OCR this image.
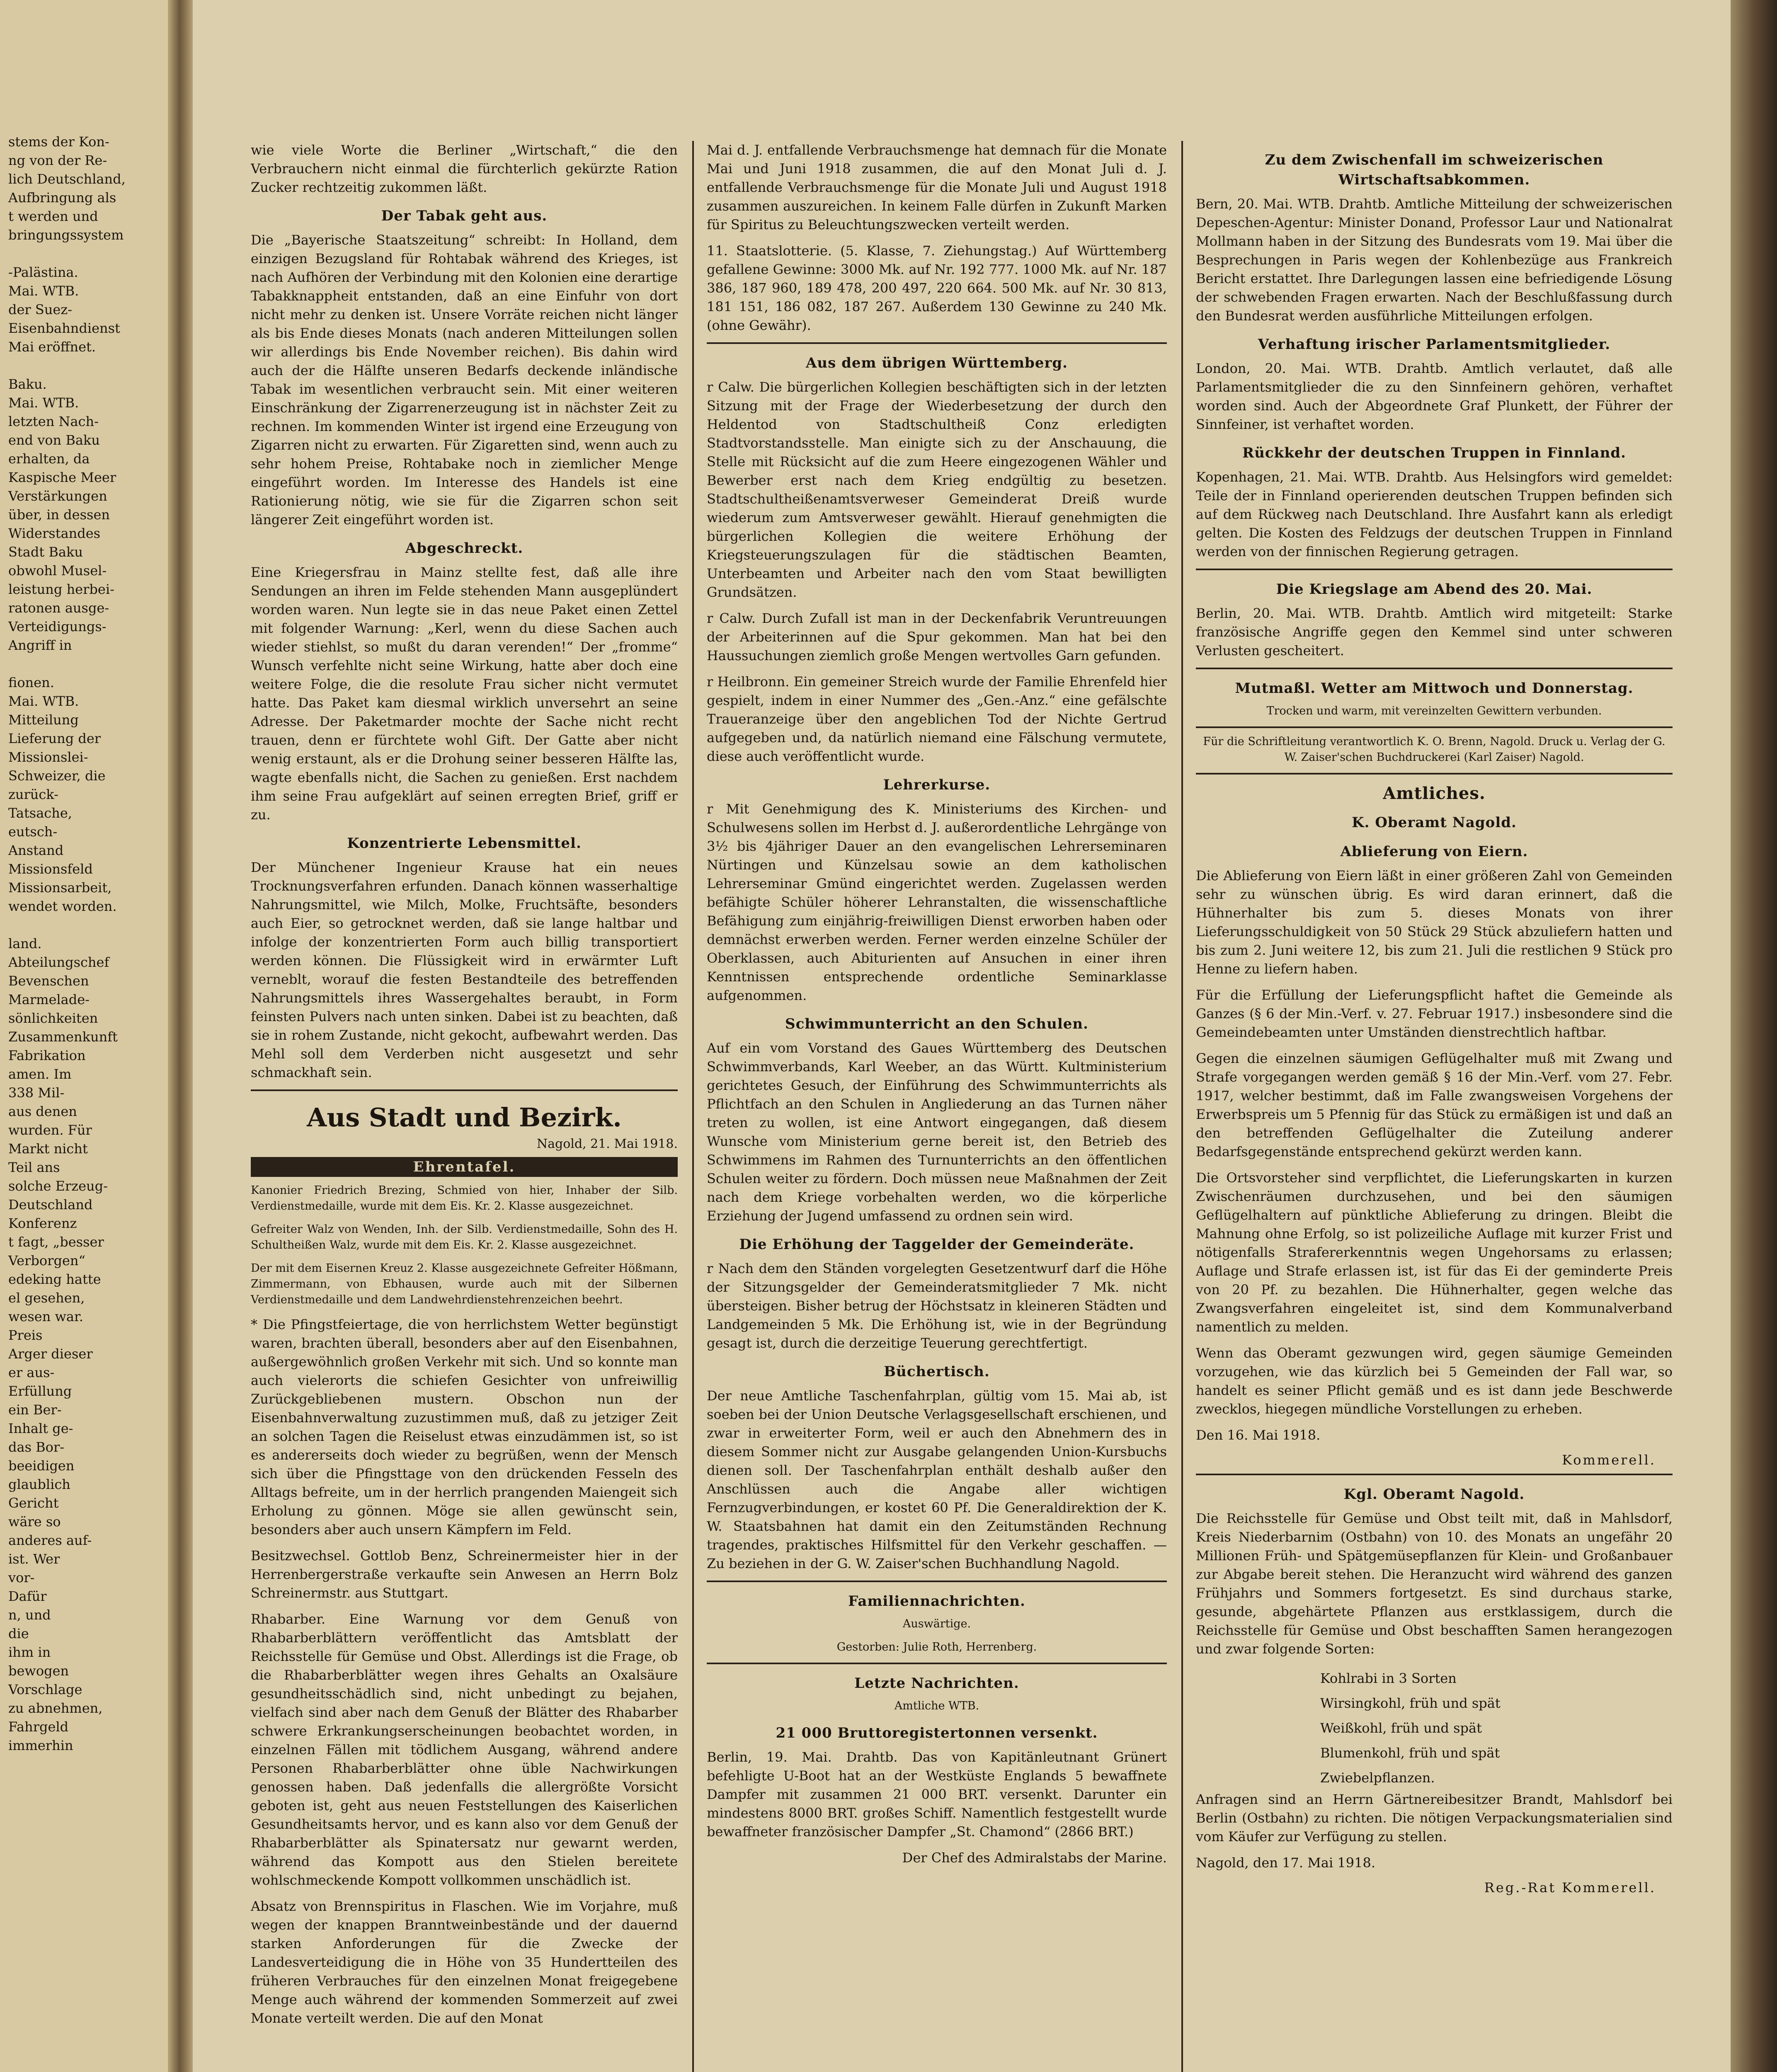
stems der Kon-
ng von der Re-
lich Deutschland,
Aufbringung als
t werden und
bringungssystem

-Palästina.
Mai. WTB.
der Suez-
Eisenbahndienst
Mai eröffnet.

Baku.
Mai. WTB.
letzten Nach-
end von Baku
erhalten, da
Kaspische Meer
Verstärkungen
über, in dessen
Widerstandes
Stadt Baku
obwohl Musel-
leistung herbei-
ratonen ausge-
Verteidigungs-
Angriff in

fionen.
Mai. WTB.
Mitteilung
Lieferung der
Missionslei-
Schweizer, die
zurück-
Tatsache,
eutsch-
Anstand
Missionsfeld
Missionsarbeit,
wendet worden.

land.
Abteilungschef
Bevenschen
Marmelade-
sönlichkeiten
Zusammenkunft
Fabrikation
amen. Im
338 Mil-
aus denen
wurden. Für
Markt nicht
Teil ans
solche Erzeug-
Deutschland
Konferenz
t fagt, „besser
Verborgen“
edeking hatte
el gesehen,
wesen war.
Preis
Arger dieser
er aus-
Erfüllung
ein Ber-
Inhalt ge-
das Bor-
beeidigen
glaublich
Gericht
wäre so
anderes auf-
ist. Wer
vor-
Dafür
n, und
die
ihm in
bewogen
Vorschlage
zu abnehmen,
Fahrgeld
immerhin

wie viele Worte die Berliner „Wirtschaft,“ die den Verbrauchern nicht einmal die fürchterlich gekürzte Ration Zucker rechtzeitig zukommen läßt.

Der Tabak geht aus.

Die „Bayerische Staatszeitung“ schreibt: In Holland, dem einzigen Bezugsland für Rohtabak während des Krieges, ist nach Aufhören der Verbindung mit den Kolonien eine derartige Tabakknappheit entstanden, daß an eine Einfuhr von dort nicht mehr zu denken ist. Unsere Vorräte reichen nicht länger als bis Ende dieses Monats (nach anderen Mitteilungen sollen wir allerdings bis Ende November reichen). Bis dahin wird auch der die Hälfte unseren Bedarfs deckende inländische Tabak im wesentlichen verbraucht sein. Mit einer weiteren Einschränkung der Zigarrenerzeugung ist in nächster Zeit zu rechnen. Im kommenden Winter ist irgend eine Erzeugung von Zigarren nicht zu erwarten. Für Zigaretten sind, wenn auch zu sehr hohem Preise, Rohtabake noch in ziemlicher Menge eingeführt worden. Im Interesse des Handels ist eine Rationierung nötig, wie sie für die Zigarren schon seit längerer Zeit eingeführt worden ist.

Abgeschreckt.

Eine Kriegersfrau in Mainz stellte fest, daß alle ihre Sendungen an ihren im Felde stehenden Mann ausgeplündert worden waren. Nun legte sie in das neue Paket einen Zettel mit folgender Warnung: „Kerl, wenn du diese Sachen auch wieder stiehlst, so mußt du daran verenden!“ Der „fromme“ Wunsch verfehlte nicht seine Wirkung, hatte aber doch eine weitere Folge, die die resolute Frau sicher nicht vermutet hatte. Das Paket kam diesmal wirklich unversehrt an seine Adresse. Der Paketmarder mochte der Sache nicht recht trauen, denn er fürchtete wohl Gift. Der Gatte aber nicht wenig erstaunt, als er die Drohung seiner besseren Hälfte las, wagte ebenfalls nicht, die Sachen zu genießen. Erst nachdem ihm seine Frau aufgeklärt auf seinen erregten Brief, griff er zu.

Konzentrierte Lebensmittel.

Der Münchener Ingenieur Krause hat ein neues Trocknungsverfahren erfunden. Danach können wasserhaltige Nahrungsmittel, wie Milch, Molke, Fruchtsäfte, besonders auch Eier, so getrocknet werden, daß sie lange haltbar und infolge der konzentrierten Form auch billig transportiert werden können. Die Flüssigkeit wird in erwärmter Luft verneblt, worauf die festen Bestandteile des betreffenden Nahrungsmittels ihres Wassergehaltes beraubt, in Form feinsten Pulvers nach unten sinken. Dabei ist zu beachten, daß sie in rohem Zustande, nicht gekocht, aufbewahrt werden. Das Mehl soll dem Verderben nicht ausgesetzt und sehr schmackhaft sein.

Aus Stadt und Bezirk.
Nagold, 21. Mai 1918.
Ehrentafel.

Kanonier Friedrich Brezing, Schmied von hier, Inhaber der Silb. Verdienstmedaille, wurde mit dem Eis. Kr. 2. Klasse ausgezeichnet.

Gefreiter Walz von Wenden, Inh. der Silb. Verdienstmedaille, Sohn des H. Schultheißen Walz, wurde mit dem Eis. Kr. 2. Klasse ausgezeichnet.

Der mit dem Eisernen Kreuz 2. Klasse ausgezeichnete Gefreiter Hößmann, Zimmermann, von Ebhausen, wurde auch mit der Silbernen Verdienstmedaille und dem Landwehrdienstehrenzeichen beehrt.

* Die Pfingstfeiertage, die von herrlichstem Wetter begünstigt waren, brachten überall, besonders aber auf den Eisenbahnen, außergewöhnlich großen Verkehr mit sich. Und so konnte man auch vielerorts die schiefen Gesichter von unfreiwillig Zurückgebliebenen mustern. Obschon nun der Eisenbahnverwaltung zuzustimmen muß, daß zu jetziger Zeit an solchen Tagen die Reiselust etwas einzudämmen ist, so ist es andererseits doch wieder zu begrüßen, wenn der Mensch sich über die Pfingsttage von den drückenden Fesseln des Alltags befreite, um in der herrlich prangenden Maiengeit sich Erholung zu gönnen. Möge sie allen gewünscht sein, besonders aber auch unsern Kämpfern im Feld.

Besitzwechsel. Gottlob Benz, Schreinermeister hier in der Herrenbergerstraße verkaufte sein Anwesen an Herrn Bolz Schreinermstr. aus Stuttgart.

Rhabarber. Eine Warnung vor dem Genuß von Rhabarberblättern veröffentlicht das Amtsblatt der Reichsstelle für Gemüse und Obst. Allerdings ist die Frage, ob die Rhabarberblätter wegen ihres Gehalts an Oxalsäure gesundheitsschädlich sind, nicht unbedingt zu bejahen, vielfach sind aber nach dem Genuß der Blätter des Rhabarber schwere Erkrankungserscheinungen beobachtet worden, in einzelnen Fällen mit tödlichem Ausgang, während andere Personen Rhabarberblätter ohne üble Nachwirkungen genossen haben. Daß jedenfalls die allergrößte Vorsicht geboten ist, geht aus neuen Feststellungen des Kaiserlichen Gesundheitsamts hervor, und es kann also vor dem Genuß der Rhabarberblätter als Spinatersatz nur gewarnt werden, während das Kompott aus den Stielen bereitete wohlschmeckende Kompott vollkommen unschädlich ist.

Absatz von Brennspiritus in Flaschen. Wie im Vorjahre, muß wegen der knappen Branntweinbestände und der dauernd starken Anforderungen für die Zwecke der Landesverteidigung die in Höhe von 35 Hundertteilen des früheren Verbrauches für den einzelnen Monat freigegebene Menge auch während der kommenden Sommerzeit auf zwei Monate verteilt werden. Die auf den Monat

Mai d. J. entfallende Verbrauchsmenge hat demnach für die Monate Mai und Juni 1918 zusammen, die auf den Monat Juli d. J. entfallende Verbrauchsmenge für die Monate Juli und August 1918 zusammen auszureichen. In keinem Falle dürfen in Zukunft Marken für Spiritus zu Beleuchtungszwecken verteilt werden.

11. Staatslotterie. (5. Klasse, 7. Ziehungstag.) Auf Württemberg gefallene Gewinne: 3000 Mk. auf Nr. 192 777. 1000 Mk. auf Nr. 187 386, 187 960, 189 478, 200 497, 220 664. 500 Mk. auf Nr. 30 813, 181 151, 186 082, 187 267. Außerdem 130 Gewinne zu 240 Mk. (ohne Gewähr).

Aus dem übrigen Württemberg.

r Calw. Die bürgerlichen Kollegien beschäftigten sich in der letzten Sitzung mit der Frage der Wiederbesetzung der durch den Heldentod von Stadtschultheiß Conz erledigten Stadtvorstandsstelle. Man einigte sich zu der Anschauung, die Stelle mit Rücksicht auf die zum Heere eingezogenen Wähler und Bewerber erst nach dem Krieg endgültig zu besetzen. Stadtschultheißenamtsverweser Gemeinderat Dreiß wurde wiederum zum Amtsverweser gewählt. Hierauf genehmigten die bürgerlichen Kollegien die weitere Erhöhung der Kriegsteuerungszulagen für die städtischen Beamten, Unterbeamten und Arbeiter nach den vom Staat bewilligten Grundsätzen.

r Calw. Durch Zufall ist man in der Deckenfabrik Veruntreuungen der Arbeiterinnen auf die Spur gekommen. Man hat bei den Haussuchungen ziemlich große Mengen wertvolles Garn gefunden.

r Heilbronn. Ein gemeiner Streich wurde der Familie Ehrenfeld hier gespielt, indem in einer Nummer des „Gen.-Anz.“ eine gefälschte Traueranzeige über den angeblichen Tod der Nichte Gertrud aufgegeben und, da natürlich niemand eine Fälschung vermutete, diese auch veröffentlicht wurde.

Lehrerkurse.

r Mit Genehmigung des K. Ministeriums des Kirchen- und Schulwesens sollen im Herbst d. J. außerordentliche Lehrgänge von 3½ bis 4jähriger Dauer an den evangelischen Lehrerseminaren Nürtingen und Künzelsau sowie an dem katholischen Lehrerseminar Gmünd eingerichtet werden. Zugelassen werden befähigte Schüler höherer Lehranstalten, die wissenschaftliche Befähigung zum einjährig-freiwilligen Dienst erworben haben oder demnächst erwerben werden. Ferner werden einzelne Schüler der Oberklassen, auch Abiturienten auf Ansuchen in einer ihren Kenntnissen entsprechende ordentliche Seminarklasse aufgenommen.

Schwimmunterricht an den Schulen.

Auf ein vom Vorstand des Gaues Württemberg des Deutschen Schwimmverbands, Karl Weeber, an das Württ. Kultministerium gerichtetes Gesuch, der Einführung des Schwimmunterrichts als Pflichtfach an den Schulen in Angliederung an das Turnen näher treten zu wollen, ist eine Antwort eingegangen, daß diesem Wunsche vom Ministerium gerne bereit ist, den Betrieb des Schwimmens im Rahmen des Turnunterrichts an den öffentlichen Schulen weiter zu fördern. Doch müssen neue Maßnahmen der Zeit nach dem Kriege vorbehalten werden, wo die körperliche Erziehung der Jugend umfassend zu ordnen sein wird.

Die Erhöhung der Taggelder der Gemeinderäte.

r Nach dem den Ständen vorgelegten Gesetzentwurf darf die Höhe der Sitzungsgelder der Gemeinderatsmitglieder 7 Mk. nicht übersteigen. Bisher betrug der Höchstsatz in kleineren Städten und Landgemeinden 5 Mk. Die Erhöhung ist, wie in der Begründung gesagt ist, durch die derzeitige Teuerung gerechtfertigt.

Büchertisch.

Der neue Amtliche Taschenfahrplan, gültig vom 15. Mai ab, ist soeben bei der Union Deutsche Verlagsgesellschaft erschienen, und zwar in erweiterter Form, weil er auch den Abnehmern des in diesem Sommer nicht zur Ausgabe gelangenden Union-Kursbuchs dienen soll. Der Taschenfahrplan enthält deshalb außer den Anschlüssen auch die Angabe aller wichtigen Fernzugverbindungen, er kostet 60 Pf. Die Generaldirektion der K. W. Staatsbahnen hat damit ein den Zeitumständen Rechnung tragendes, praktisches Hilfsmittel für den Verkehr geschaffen. — Zu beziehen in der G. W. Zaiser'schen Buchhandlung Nagold.

Familiennachrichten.

Auswärtige.

Gestorben: Julie Roth, Herrenberg.

Letzte Nachrichten.

Amtliche WTB.

21 000 Bruttoregistertonnen versenkt.

Berlin, 19. Mai. Drahtb. Das von Kapitänleutnant Grünert befehligte U-Boot hat an der Westküste Englands 5 bewaffnete Dampfer mit zusammen 21 000 BRT. versenkt. Darunter ein mindestens 8000 BRT. großes Schiff. Namentlich festgestellt wurde bewaffneter französischer Dampfer „St. Chamond“ (2866 BRT.)

Der Chef des Admiralstabs der Marine.

Zu dem Zwischenfall im schweizerischen Wirtschaftsabkommen.

Bern, 20. Mai. WTB. Drahtb. Amtliche Mitteilung der schweizerischen Depeschen-Agentur: Minister Donand, Professor Laur und Nationalrat Mollmann haben in der Sitzung des Bundesrats vom 19. Mai über die Besprechungen in Paris wegen der Kohlenbezüge aus Frankreich Bericht erstattet. Ihre Darlegungen lassen eine befriedigende Lösung der schwebenden Fragen erwarten. Nach der Beschlußfassung durch den Bundesrat werden ausführliche Mitteilungen erfolgen.

Verhaftung irischer Parlamentsmitglieder.

London, 20. Mai. WTB. Drahtb. Amtlich verlautet, daß alle Parlamentsmitglieder die zu den Sinnfeinern gehören, verhaftet worden sind. Auch der Abgeordnete Graf Plunkett, der Führer der Sinnfeiner, ist verhaftet worden.

Rückkehr der deutschen Truppen in Finnland.

Kopenhagen, 21. Mai. WTB. Drahtb. Aus Helsingfors wird gemeldet: Teile der in Finnland operierenden deutschen Truppen befinden sich auf dem Rückweg nach Deutschland. Ihre Ausfahrt kann als erledigt gelten. Die Kosten des Feldzugs der deutschen Truppen in Finnland werden von der finnischen Regierung getragen.

Die Kriegslage am Abend des 20. Mai.

Berlin, 20. Mai. WTB. Drahtb. Amtlich wird mitgeteilt: Starke französische Angriffe gegen den Kemmel sind unter schweren Verlusten gescheitert.

Mutmaßl. Wetter am Mittwoch und Donnerstag.

Trocken und warm, mit vereinzelten Gewittern verbunden.

Für die Schriftleitung verantwortlich K. O. Brenn, Nagold. Druck u. Verlag der G. W. Zaiser'schen Buchdruckerei (Karl Zaiser) Nagold.

Amtliches.
K. Oberamt Nagold.
Ablieferung von Eiern.

Die Ablieferung von Eiern läßt in einer größeren Zahl von Gemeinden sehr zu wünschen übrig. Es wird daran erinnert, daß die Hühnerhalter bis zum 5. dieses Monats von ihrer Lieferungsschuldigkeit von 50 Stück 29 Stück abzuliefern hatten und bis zum 2. Juni weitere 12, bis zum 21. Juli die restlichen 9 Stück pro Henne zu liefern haben.

Für die Erfüllung der Lieferungspflicht haftet die Gemeinde als Ganzes (§ 6 der Min.-Verf. v. 27. Februar 1917.) insbesondere sind die Gemeindebeamten unter Umständen dienstrechtlich haftbar.

Gegen die einzelnen säumigen Geflügelhalter muß mit Zwang und Strafe vorgegangen werden gemäß § 16 der Min.-Verf. vom 27. Febr. 1917, welcher bestimmt, daß im Falle zwangsweisen Vorgehens der Erwerbspreis um 5 Pfennig für das Stück zu ermäßigen ist und daß an den betreffenden Geflügelhalter die Zuteilung anderer Bedarfsgegenstände entsprechend gekürzt werden kann.

Die Ortsvorsteher sind verpflichtet, die Lieferungskarten in kurzen Zwischenräumen durchzusehen, und bei den säumigen Geflügelhaltern auf pünktliche Ablieferung zu dringen. Bleibt die Mahnung ohne Erfolg, so ist polizeiliche Auflage mit kurzer Frist und nötigenfalls Strafererkenntnis wegen Ungehorsams zu erlassen; Auflage und Strafe erlassen ist, ist für das Ei der geminderte Preis von 20 Pf. zu bezahlen. Die Hühnerhalter, gegen welche das Zwangsverfahren eingeleitet ist, sind dem Kommunalverband namentlich zu melden.

Wenn das Oberamt gezwungen wird, gegen säumige Gemeinden vorzugehen, wie das kürzlich bei 5 Gemeinden der Fall war, so handelt es seiner Pflicht gemäß und es ist dann jede Beschwerde zwecklos, hiegegen mündliche Vorstellungen zu erheben.

Den 16. Mai 1918.

Kommerell.
Kgl. Oberamt Nagold.

Die Reichsstelle für Gemüse und Obst teilt mit, daß in Mahlsdorf, Kreis Niederbarnim (Ostbahn) von 10. des Monats an ungefähr 20 Millionen Früh- und Spätgemüsepflanzen für Klein- und Großanbauer zur Abgabe bereit stehen. Die Heranzucht wird während des ganzen Frühjahrs und Sommers fortgesetzt. Es sind durchaus starke, gesunde, abgehärtete Pflanzen aus erstklassigem, durch die Reichsstelle für Gemüse und Obst beschafften Samen herangezogen und zwar folgende Sorten:

Kohlrabi in 3 Sorten
Wirsingkohl, früh und spät
Weißkohl, früh und spät
Blumenkohl, früh und spät
Zwiebelpflanzen.

Anfragen sind an Herrn Gärtnereibesitzer Brandt, Mahlsdorf bei Berlin (Ostbahn) zu richten. Die nötigen Verpackungsmaterialien sind vom Käufer zur Verfügung zu stellen.

Nagold, den 17. Mai 1918.

Reg.-Rat Kommerell.
